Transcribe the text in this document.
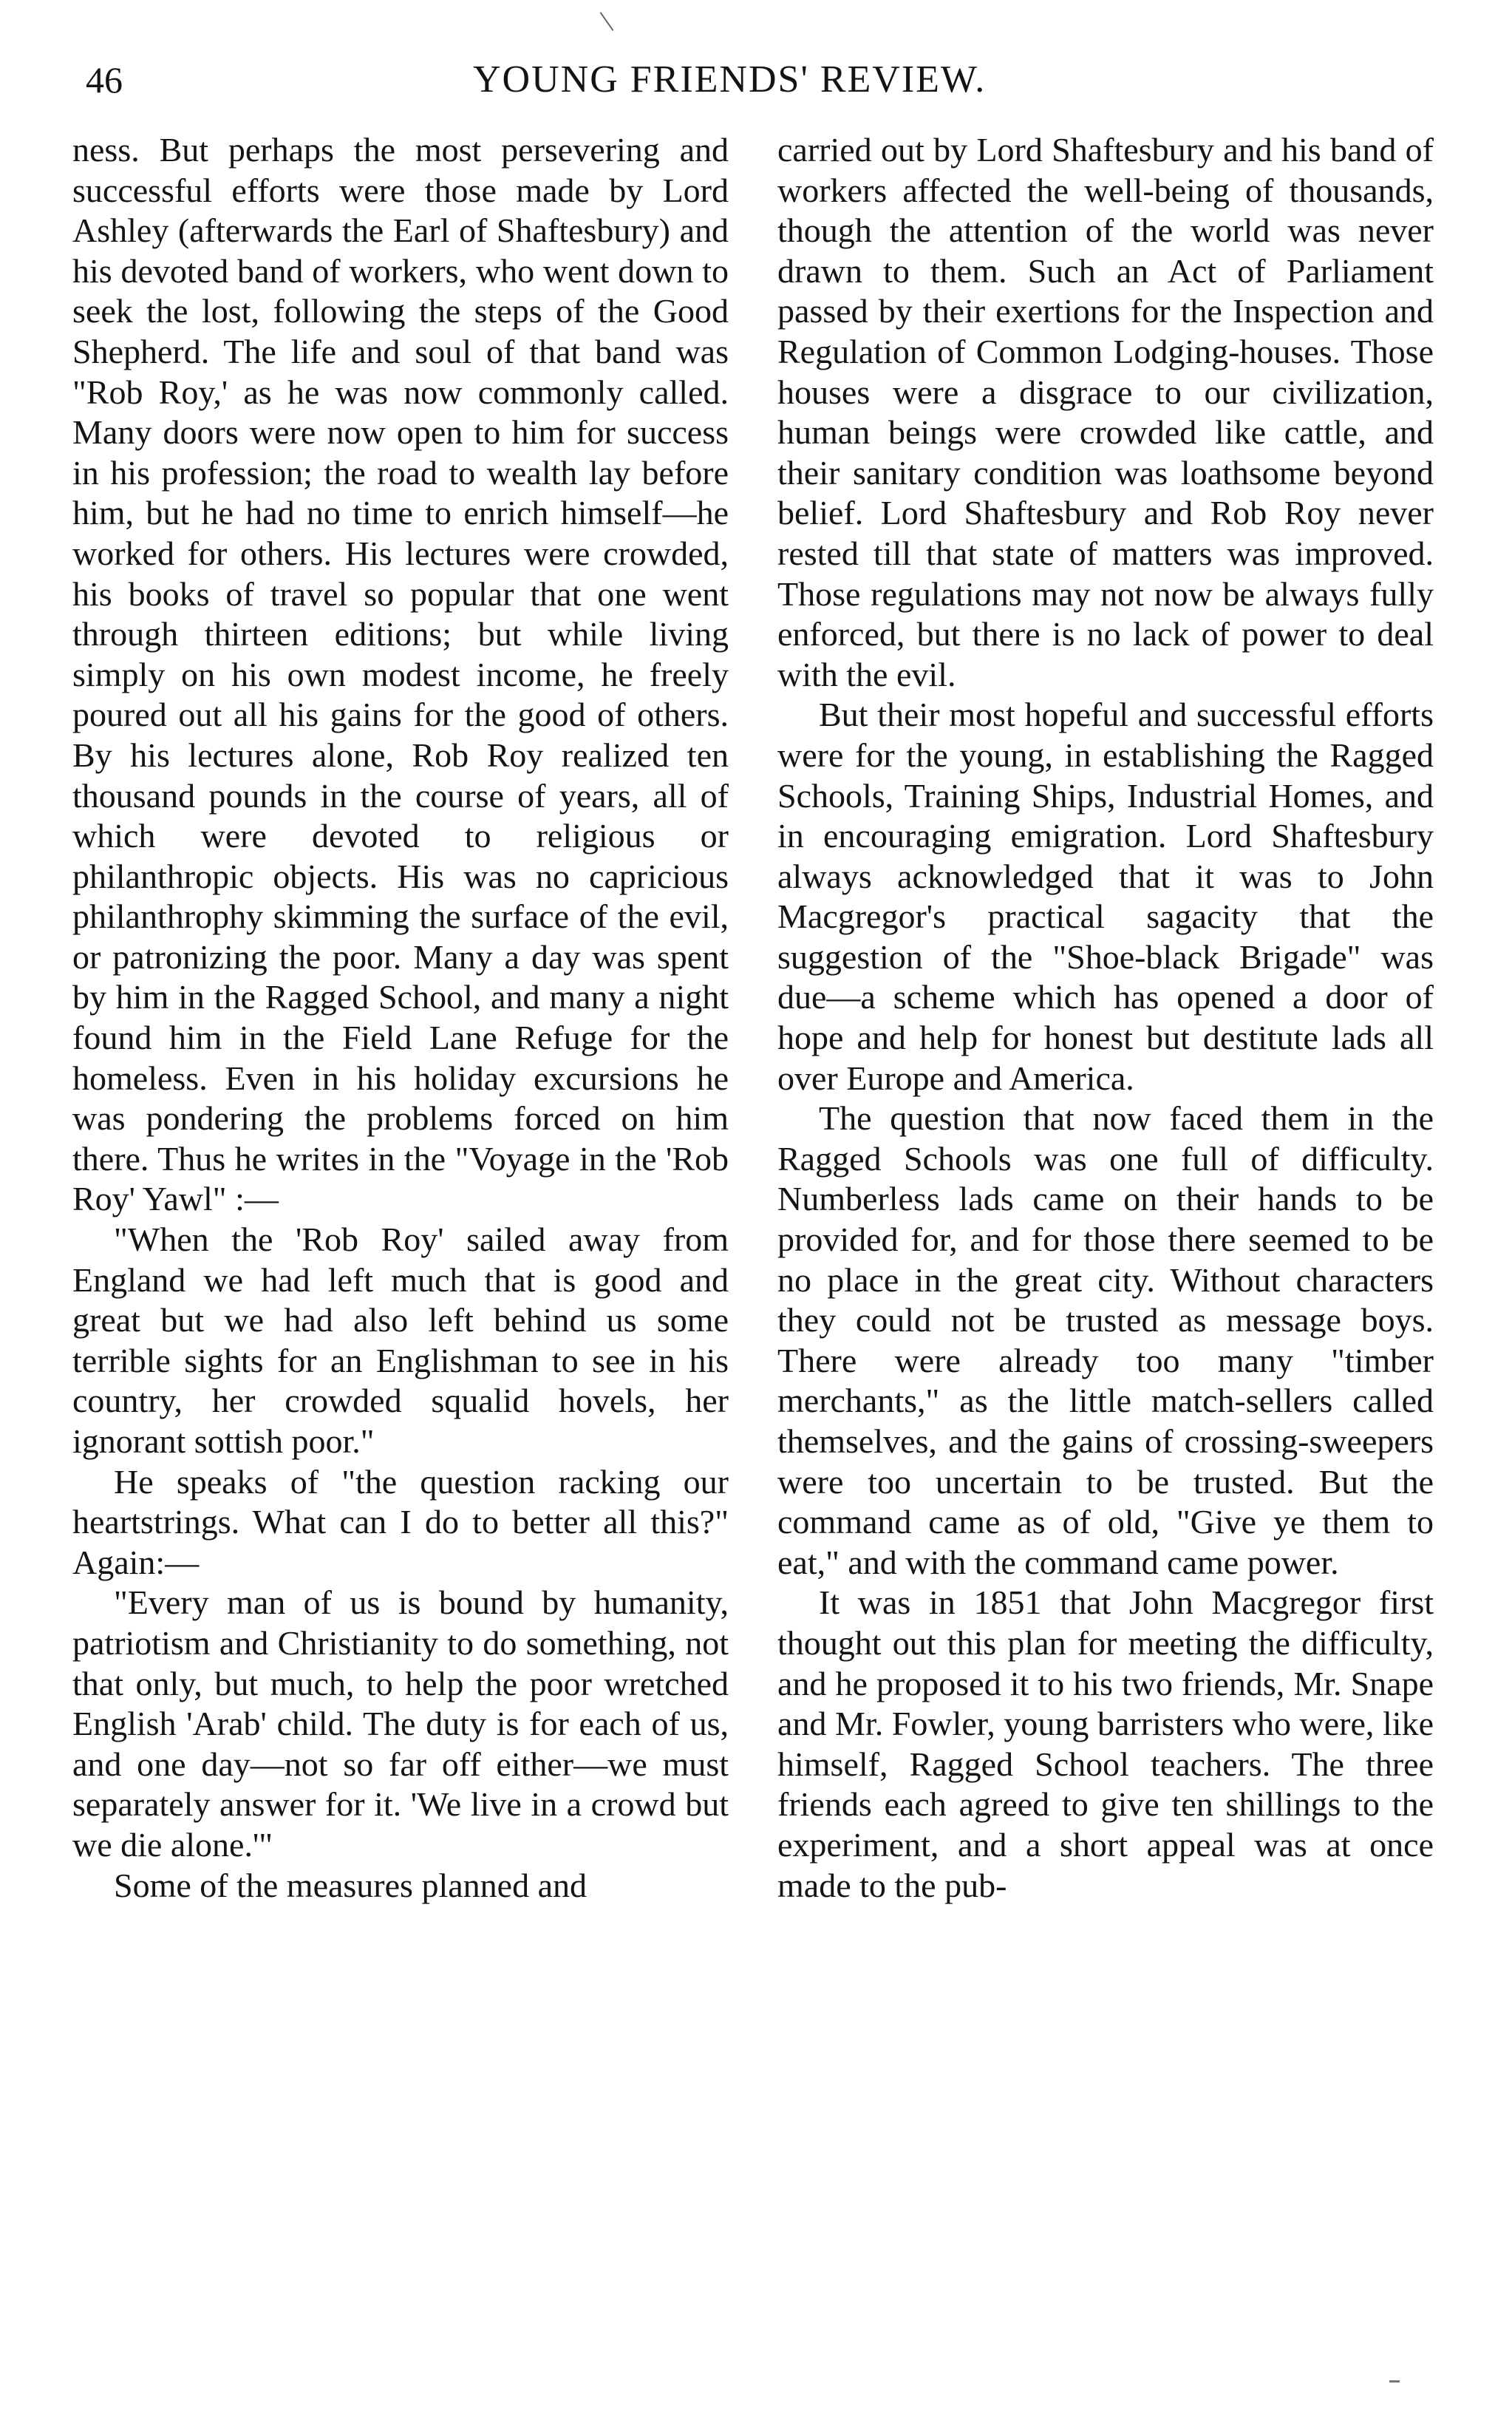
46	YOUNG FRIENDS' REVIEW.

ness. But perhaps the most persevering and successful efforts were those made by Lord Ashley (afterwards the Earl of Shaftesbury) and his devoted band of workers, who went down to seek the lost, following the steps of the Good Shepherd. The life and soul of that band was "Rob Roy,' as he was now commonly called. Many doors were now open to him for success in his profession; the road to wealth lay before him, but he had no time to enrich himself—he worked for others. His lectures were crowded, his books of travel so popular that one went through thirteen editions; but while living simply on his own modest income, he freely poured out all his gains for the good of others. By his lectures alone, Rob Roy realized ten thousand pounds in the course of years, all of which were devoted to religious or philanthropic objects. His was no capricious philanthrophy skimming the surface of the evil, or patronizing the poor. Many a day was spent by him in the Ragged School, and many a night found him in the Field Lane Refuge for the homeless. Even in his holiday excursions he was pondering the problems forced on him there. Thus he writes in the "Voyage in the 'Rob Roy' Yawl" :—

"When the 'Rob Roy' sailed away from England we had left much that is good and great but we had also left behind us some terrible sights for an Englishman to see in his country, her crowded squalid hovels, her ignorant sottish poor."

He speaks of "the question racking our heartstrings. What can I do to better all this?" Again:—

"Every man of us is bound by humanity, patriotism and Christianity to do something, not that only, but much, to help the poor wretched English 'Arab' child. The duty is for each of us, and one day—not so far off either—we must separately answer for it. 'We live in a crowd but we die alone.'"

Some of the measures planned and

carried out by Lord Shaftesbury and his band of workers affected the well-being of thousands, though the attention of the world was never drawn to them. Such an Act of Parliament passed by their exertions for the Inspection and Regulation of Common Lodging-houses. Those houses were a disgrace to our civilization, human beings were crowded like cattle, and their sanitary condition was loathsome beyond belief. Lord Shaftesbury and Rob Roy never rested till that state of matters was improved. Those regulations may not now be always fully enforced, but there is no lack of power to deal with the evil.

But their most hopeful and successful efforts were for the young, in establishing the Ragged Schools, Training Ships, Industrial Homes, and in encouraging emigration. Lord Shaftesbury always acknowledged that it was to John Macgregor's practical sagacity that the suggestion of the "Shoe-black Brigade" was due—a scheme which has opened a door of hope and help for honest but destitute lads all over Europe and America.

The question that now faced them in the Ragged Schools was one full of difficulty. Numberless lads came on their hands to be provided for, and for those there seemed to be no place in the great city. Without characters they could not be trusted as message boys. There were already too many "timber merchants," as the little match-sellers called themselves, and the gains of crossing-sweepers were too uncertain to be trusted. But the command came as of old, "Give ye them to eat," and with the command came power.

It was in 1851 that John Macgregor first thought out this plan for meeting the difficulty, and he proposed it to his two friends, Mr. Snape and Mr. Fowler, young barristers who were, like himself, Ragged School teachers. The three friends each agreed to give ten shillings to the experiment, and a short appeal was at once made to the pub-
